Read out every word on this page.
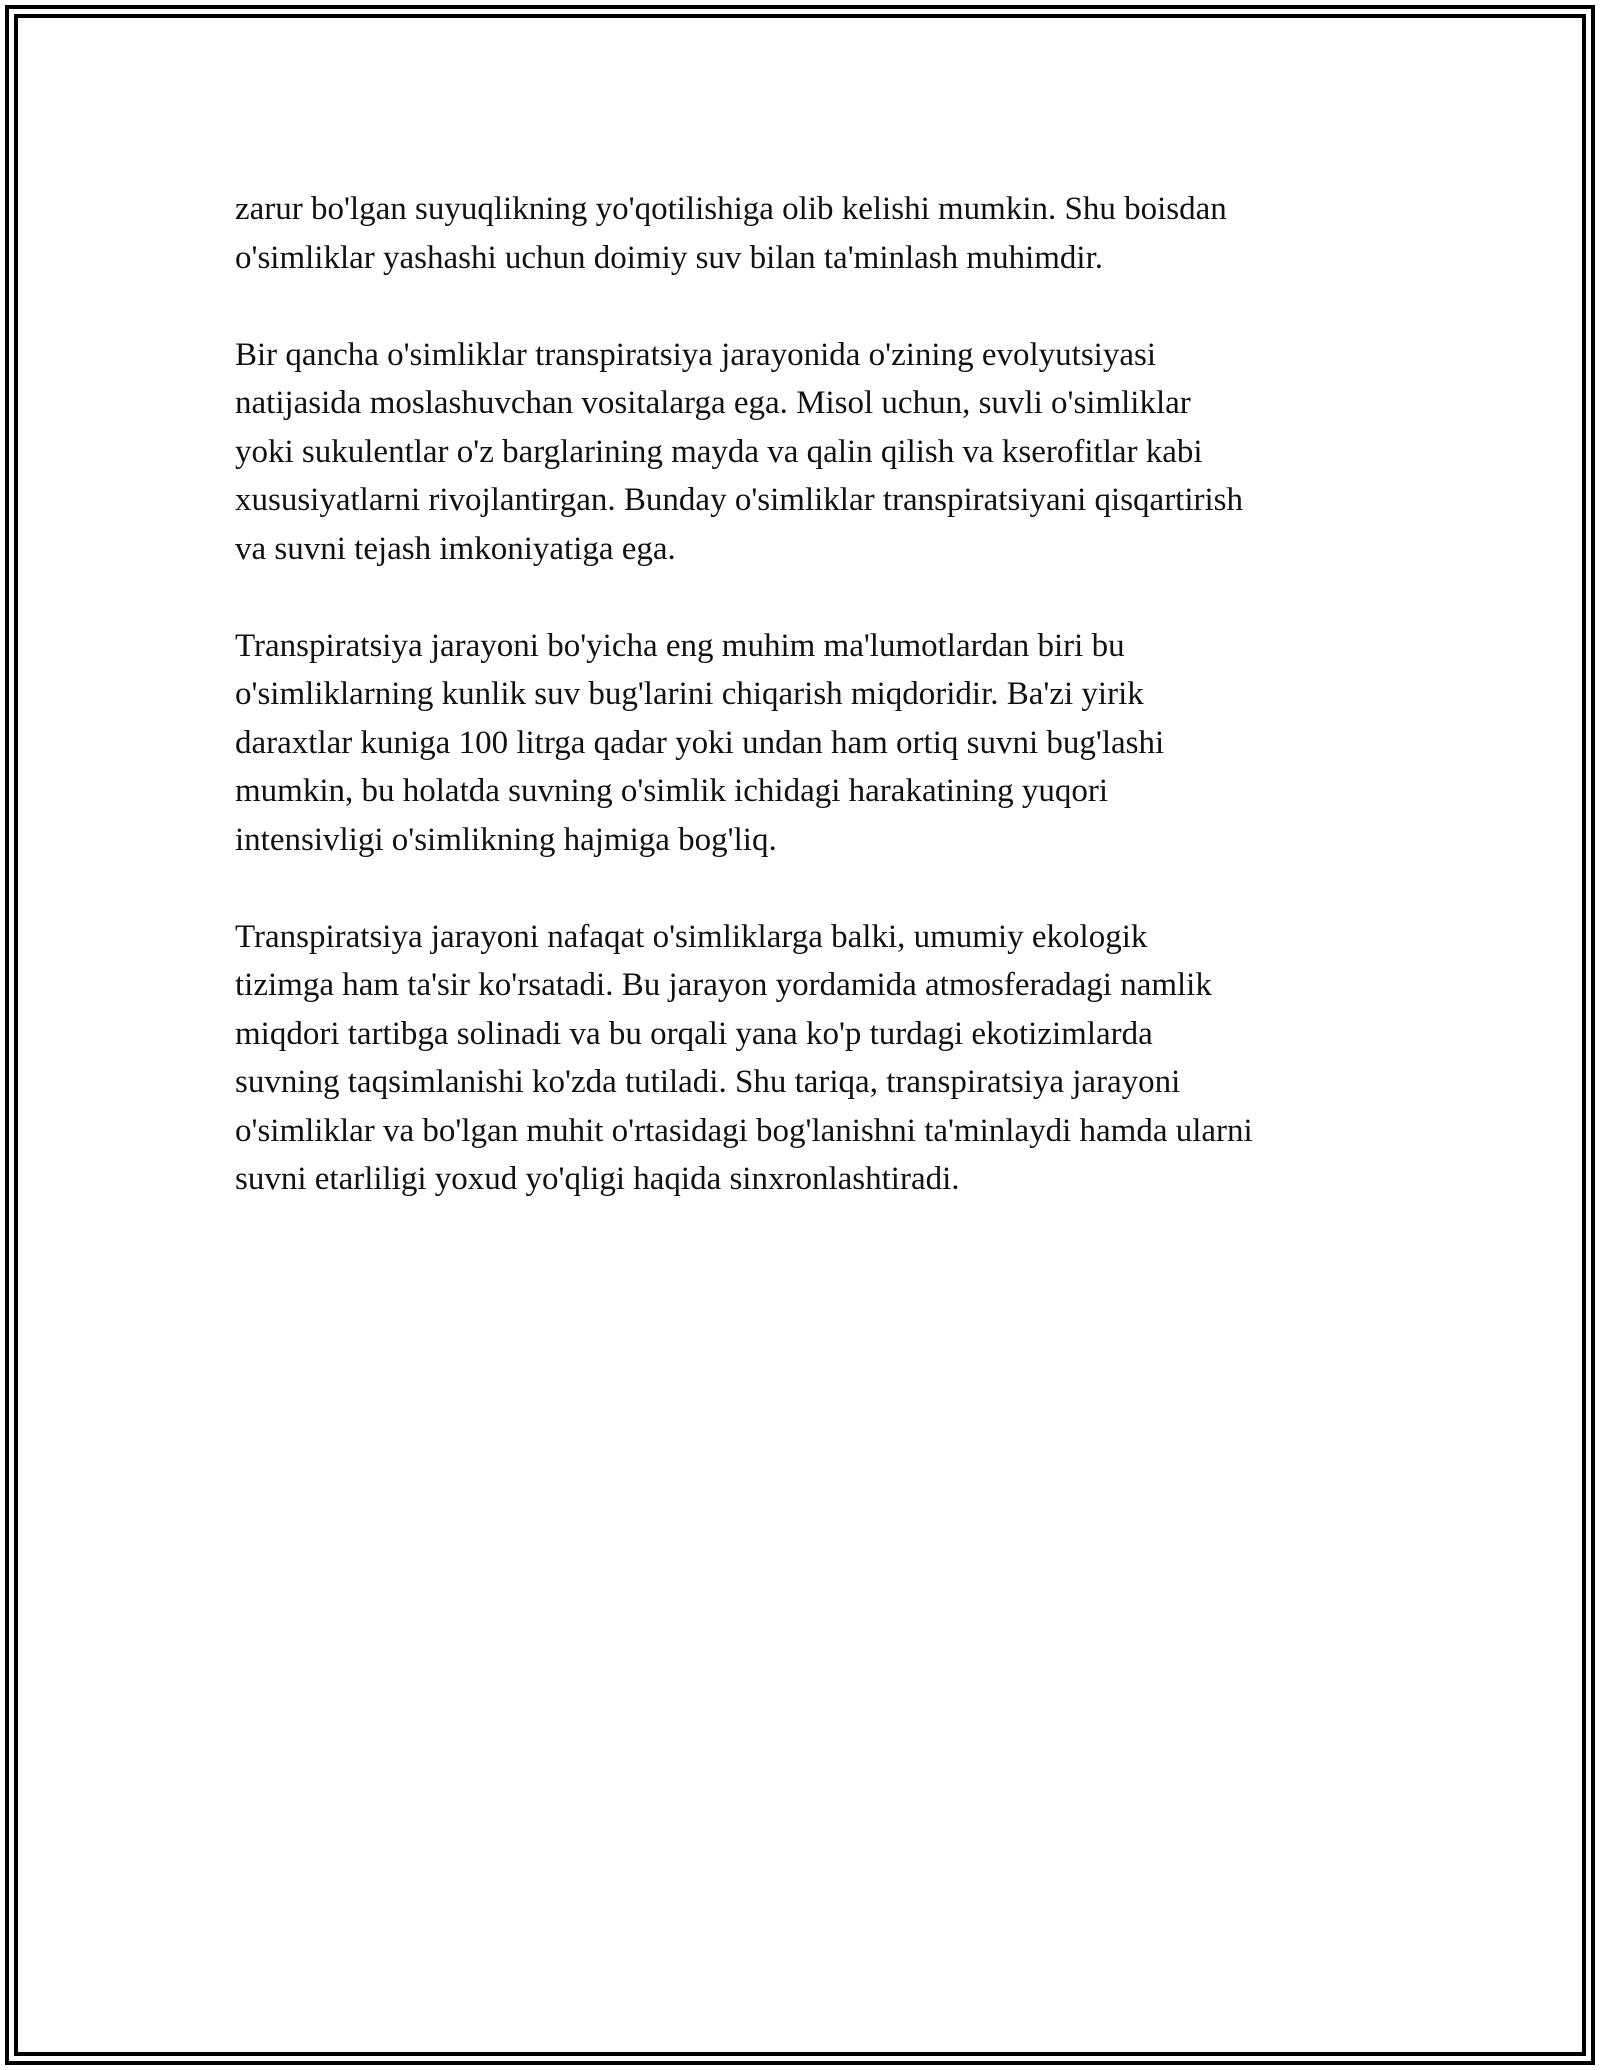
zarur bo'lgan suyuqlikning yo'qotilishiga olib kelishi mumkin. Shu boisdan
o'simliklar yashashi uchun doimiy suv bilan ta'minlash muhimdir.

Bir qancha o'simliklar transpiratsiya jarayonida o'zining evolyutsiyasi
natijasida moslashuvchan vositalarga ega. Misol uchun, suvli o'simliklar
yoki sukulentlar o'z barglarining mayda va qalin qilish va kserofitlar kabi
xususiyatlarni rivojlantirgan. Bunday o'simliklar transpiratsiyani qisqartirish
va suvni tejash imkoniyatiga ega.

Transpiratsiya jarayoni bo'yicha eng muhim ma'lumotlardan biri bu
o'simliklarning kunlik suv bug'larini chiqarish miqdoridir. Ba'zi yirik
daraxtlar kuniga 100 litrga qadar yoki undan ham ortiq suvni bug'lashi
mumkin, bu holatda suvning o'simlik ichidagi harakatining yuqori
intensivligi o'simlikning hajmiga bog'liq.

Transpiratsiya jarayoni nafaqat o'simliklarga balki, umumiy ekologik
tizimga ham ta'sir ko'rsatadi. Bu jarayon yordamida atmosferadagi namlik
miqdori tartibga solinadi va bu orqali yana ko'p turdagi ekotizimlarda
suvning taqsimlanishi ko'zda tutiladi. Shu tariqa, transpiratsiya jarayoni
o'simliklar va bo'lgan muhit o'rtasidagi bog'lanishni ta'minlaydi hamda ularni
suvni etarliligi yoxud yo'qligi haqida sinxronlashtiradi.
